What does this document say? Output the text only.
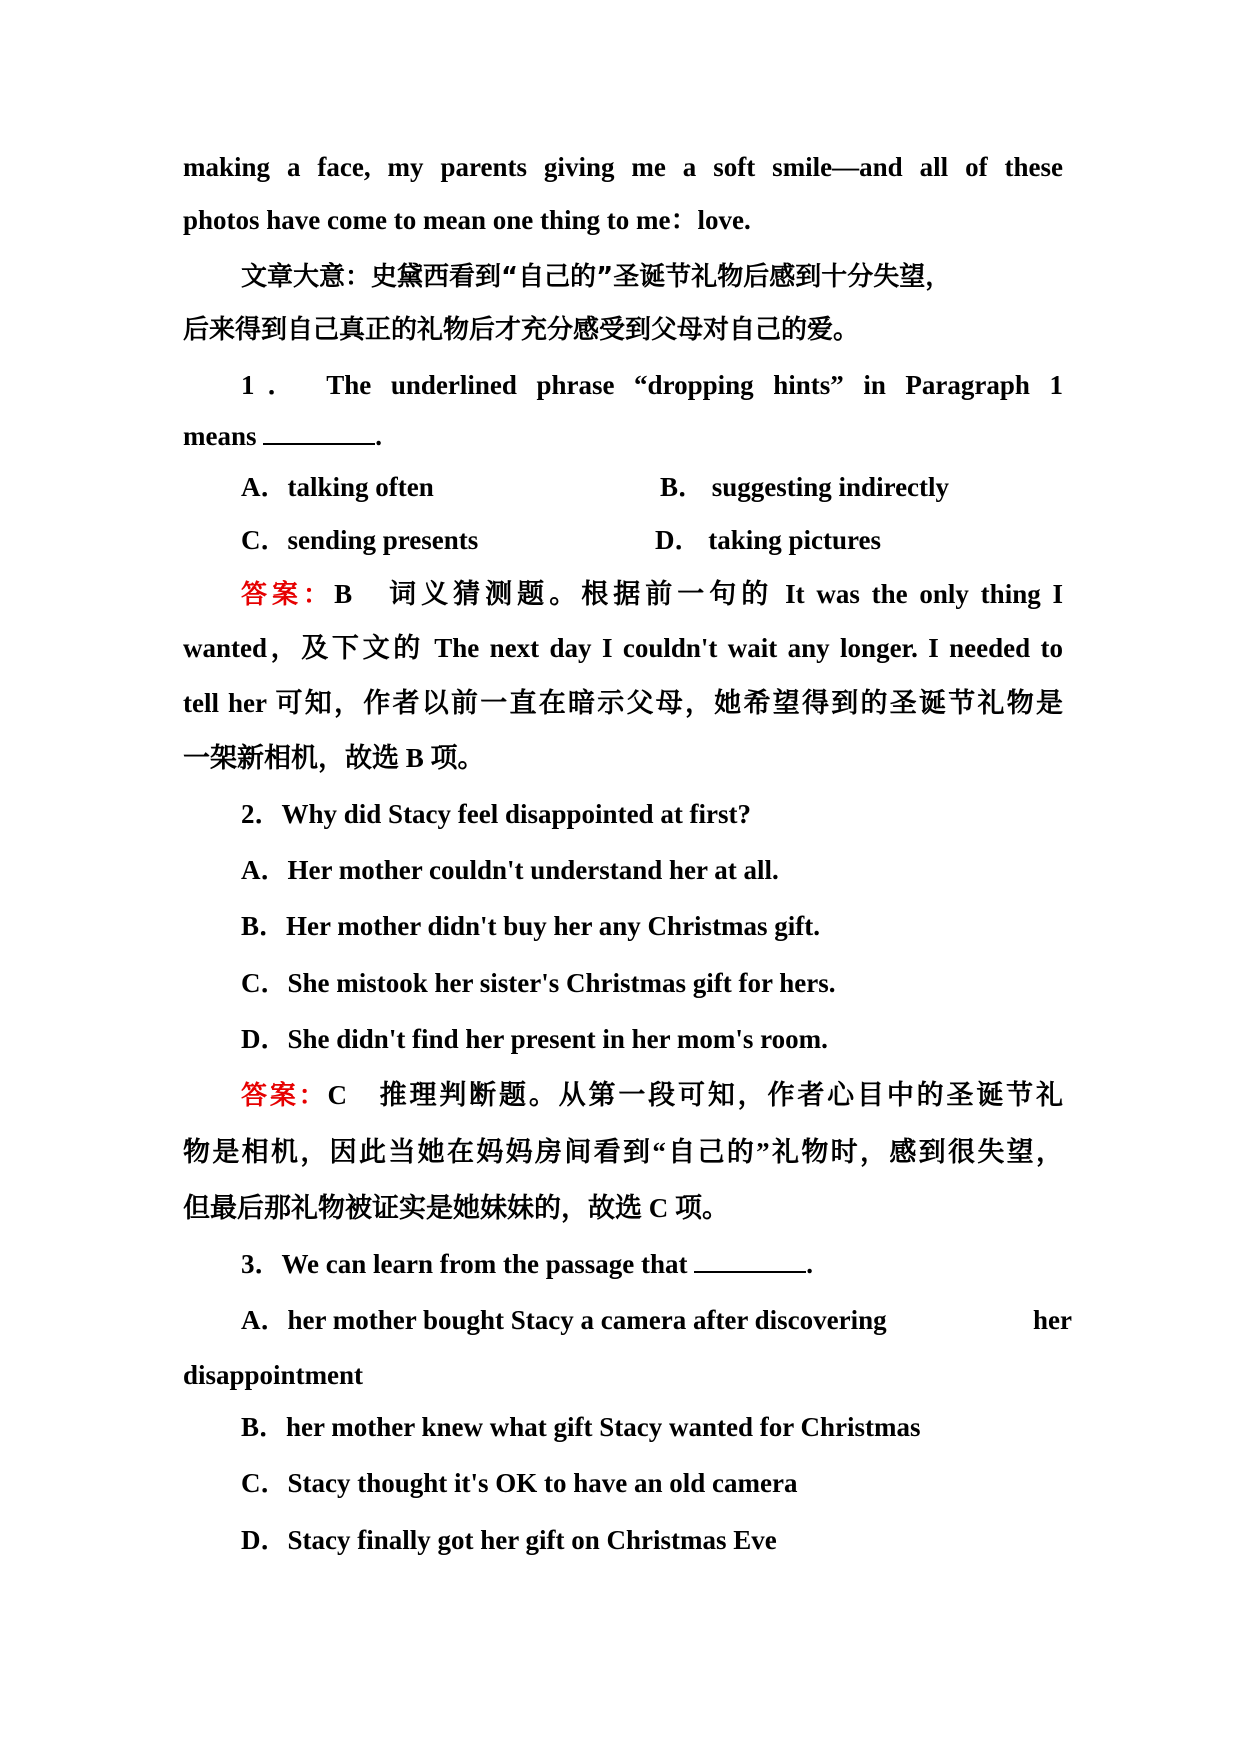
making a face, my parents giving me a soft smile—and all of these
photos have come to mean one thing to me：love.
文章大意：史黛西看到“自己的”圣诞节礼物后感到十分失望，
后来得到自己真正的礼物后才充分感受到父母对自己的爱。
1． The underlined phrase “dropping hints” in Paragraph 1
means	.
A．talking often	B． suggesting indirectly
C．sending presents	D． taking pictures
答案：B　词义猜测题。根据前一句的 It was the only thing I
wanted，及下文的 The next day I couldn't wait any longer. I needed to
tell her 可知，作者以前一直在暗示父母，她希望得到的圣诞节礼物是
一架新相机，故选 B 项。
2．Why did Stacy feel disappointed at first?
A．Her mother couldn't understand her at all.
B．Her mother didn't buy her any Christmas gift.
C．She mistook her sister's Christmas gift for hers.
D．She didn't find her present in her mom's room.
答案：C　推理判断题。从第一段可知，作者心目中的圣诞节礼
物是相机，因此当她在妈妈房间看到“自己的”礼物时，感到很失望，
但最后那礼物被证实是她妹妹的，故选 C 项。
3．We can learn from the passage that	.
A．her mother bought Stacy a camera after discovering	her
disappointment
B．her mother knew what gift Stacy wanted for Christmas
C．Stacy thought it's OK to have an old camera
D．Stacy finally got her gift on Christmas Eve
